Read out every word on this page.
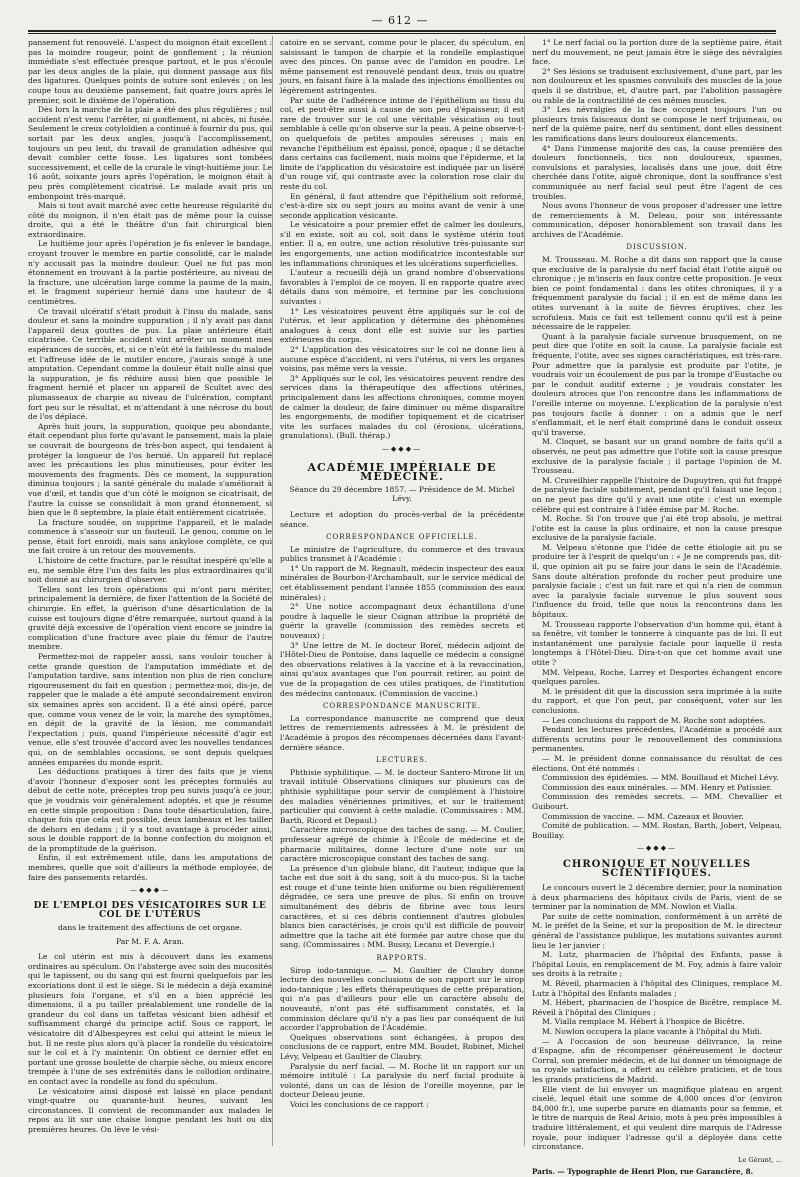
— 612 —

pansement fut renouvelé. L'aspect du moignon était excellent : pas la moindre rougeur, point de gonflement ; la réunion immédiate s'est effectuée presque partout, et le pus s'écoule par les deux angles de la plaie, qui donnent passage aux fils des ligatures. Quelques points de suture sont enlevés ; on les coupe tous au deuxième pansement, fait quatre jours après le premier, soit le dixième de l'opération.

Dès lors la marche de la plaie a été des plus régulières ; nul accident n'est venu l'arrêter, ni gonflement, ni abcès, ni fusée. Seulement le creux cotyloïdien a continué à fournir du pus, qui sortait par les deux angles, jusqu'à l'accomplissement, toujours un peu lent, du travail de granulation adhésive qui devait combler cette fosse. Les ligatures sont tombées successivement, et celle de la crurale le vingt-huitième jour. Le 16 août, soixante jours après l'opération, le moignon était à peu près complètement cicatrisé. Le malade avait pris un embonpoint très-marqué.

Mais si tout avait marché avec cette heureuse régularité du côté du moignon, il n'en était pas de même pour la cuisse droite, qui a été le théâtre d'un fait chirurgical bien extraordinaire.

Le huitième jour après l'opération je fis enlever le bandage, croyant trouver le membre en partie consolidé, car le malade n'y accusait pas la moindre douleur. Quel ne fut pas mon étonnement en trouvant à la partie postérieure, au niveau de la fracture, une ulcération large comme la paume de la main, et le fragment supérieur hernié dans une hauteur de 4 centimètres.

Ce travail ulcératif s'était produit à l'insu du malade, sans douleur et sans la moindre suppuration ; il n'y avait pas dans l'appareil deux gouttes de pus. La plaie antérieure était cicatrisée. Ce terrible accident vint arrêter un moment mes espérances de succès, et, si ce n'eût été la faiblesse du malade et l'affreuse idée de le mutiler encore, j'aurais songé à une amputation. Cependant comme la douleur était nulle ainsi que la suppuration, je fis réduire aussi bien que possible le fragment hernié et placer un appareil de Scultet avec des plumasseaux de charpie au niveau de l'ulcération, comptant fort peu sur le résultat, et m'attendant à une nécrose du bout de l'os déplacé.

Après huit jours, la suppuration, quoique peu abondante, était cependant plus forte qu'avant le pansement, mais la plaie se couvrait de bourgeons de très-bon aspect, qui tendaient à protéger la longueur de l'os hernié. Un appareil fut replacé avec les précautions les plus minutieuses, pour éviter les mouvements des fragments. Dès ce moment, la suppuration diminua toujours ; la santé générale du malade s'améliorait à vue d'œil, et tandis que d'un côté le moignon se cicatrisait, de l'autre la cuisse se consolidait à mon grand étonnement, si bien que le 8 septembre, la plaie était entièrement cicatrisée.

La fracture soudée, on supprime l'appareil, et le malade commence à s'asseoir sur un fauteuil. Le genou, comme on le pense, était fort enroidi, mais sans ankylose complète, ce qui me fait croire à un retour des mouvements.

L'histoire de cette fracture, par le résultat inespéré qu'elle a eu, me semble être l'un des faits les plus extraordinaires qu'il soit donné au chirurgien d'observer.

Telles sont les trois opérations qui m'ont paru mériter, principalement la dernière, de fixer l'attention de la Société de chirurgie. En effet, la guérison d'une désarticulation de la cuisse est toujours digne d'être remarquée, surtout quand à la gravité déjà excessive de l'opération vient encore se joindre la complication d'une fracture avec plaie du fémur de l'autre membre.

Permettez-moi de rappeler aussi, sans vouloir toucher à cette grande question de l'amputation immédiate et de l'amputation tardive, sans intention non plus de rien conclure rigoureusement du fait en question ; permettez-moi, dis-je, de rappeler que le malade a été amputé secondairement environ six semaines après son accident. Il a été ainsi opéré, parce que, comme vous venez de le voir, la marche des symptômes, en dépit de la gravité de la lésion, me commandait l'expectation ; puis, quand l'impérieuse nécessité d'agir est venue, elle s'est trouvée d'accord avec les nouvelles tendances qui, on de semblables occasions, se sont depuis quelques années emparées du monde esprit.

Les déductions pratiques à tirer des faits que je viens d'avoir l'honneur d'exposer sont les préceptes formulés au début de cette note, préceptes trop peu suivis jusqu'à ce jour, que je voudrais voir généralement adoptés, et que je résume en cette simple proposition : Dans toute désarticulation, faire, chaque fois que cela est possible, deux lambeaux et les tailler de dehors en dedans ; il y a tout avantage à procéder ainsi, sous le double rapport de la bonne confection du moignon et de la promptitude de la guérison.

Enfin, il est extrêmement utile, dans les amputations de membres, quelle que soit d'ailleurs la méthode employée, de faire des pansements retardés.

—◆◆◆—
DE L'EMPLOI DES VÉSICATOIRES SUR LE COL DE L'UTÉRUS
dans le traitement des affections de cet organe.
Par M. F. A. Aran.

Le col utérin est mis à découvert dans les examens ordinaires au spéculum. On l'absterge avec soin des mucosités qui le tapissent, ou du sang qui est fourni quelquefois par les excoriations dont il est le siège. Si le médecin a déjà examiné plusieurs fois l'organe, et s'il en a bien apprécié les dimensions, il a pu tailler préalablement une rondelle de la grandeur du col dans un taffetas vésicant bien adhésif et suffisamment chargé du principe actif. Sous ce rapport, le vésicatoire dit d'Albespeyres est celui qui atteint le mieux le but. Il ne reste plus alors qu'à placer la rondelle du vésicatoire sur le col et à l'y maintenir. On obtient ce dernier effet en portant une grosse boulette de charpie sèche, ou mieux encore trempée à l'une de ses extrémités dans le collodion ordinaire, en contact avec la rondelle au fond du spéculum.

Le vésicatoire ainsi disposé est laissé en place pendant vingt-quatre ou quarante-huit heures, suivant les circonstances. Il convient de recommander aux malades le repos au lit sur une chaise longue pendant les huit ou dix premières heures. On lève le vési-

catoire en se servant, comme pour le placer, du spéculum, en saisissant le tampon de charpie et la rondelle emplastique avec des pinces. On panse avec de l'amidon en poudre. Le même pansement est renouvelé pendant deux, trois ou quatre jours, en faisant faire à la malade des injections émollientes ou légèrement astringentes.

Par suite de l'adhérence intime de l'épithélium au tissu du col, et peut-être aussi à cause de son peu d'épaisseur, il est rare de trouver sur le col une véritable vésication ou tout semblable à celle qu'on observe sur la peau. A peine observe-t-on quelquefois de petites ampoules séreuses ; mais en revanche l'épithélium est épaissi, poncé, opaque ; il se détache dans certains cas facilement, mais moins que l'épiderme, et la limite de l'application du vésicatoire est indiquée par un liséré d'un rouge vif, qui contraste avec la coloration rose clair du reste du col.

En général, il faut attendre que l'épithélium soit reformé, c'est-à-dire six ou sept jours au moins avant de venir à une seconde application vésicante.

Le vésicatoire a pour premier effet de calmer les douleurs, s'il en existe, soit au col, soit dans le système utérin tout entier. Il a, en outre, une action résolutive très-puissante sur les engorgements, une action modificatrice incontestable sur les inflammations chroniques et les ulcérations superficielles.

L'auteur a recueilli déjà un grand nombre d'observations favorables à l'emploi de ce moyen. Il en rapporte quatre avec détails dans son mémoire, et termine par les conclusions suivantes :

1° Les vésicatoires peuvent être appliqués sur le col de l'utérus, et leur application y détermine des phénomènes analogues à ceux dont elle est suivie sur les parties extérieures du corps.

2° L'application des vésicatoires sur le col ne donne lieu à aucune espèce d'accident, ni vers l'utérus, ni vers les organes voisins, pas même vers la vessie.

3° Appliqués sur le col, les vésicatoires peuvent rendre des services dans la thérapeutique des affections utérines, principalement dans les affections chroniques, comme moyen de calmer la douleur, de faire diminuer ou même disparaître les engorgements, de modifier topiquement et de cicatriser vite les surfaces malades du col (érosions, ulcérations, granulations). (Bull. thérap.)

—◆◆◆—
ACADÉMIE IMPÉRIALE DE MÉDECINE.
Séance du 29 décembre 1857. — Présidence de M. Michel Lévy.

Lecture et adoption du procès-verbal de la précédente séance.

CORRESPONDANCE OFFICIELLE.

Le ministre de l'agriculture, du commerce et des travaux publics transmet à l'Académie :

1° Un rapport de M. Regnault, médecin inspecteur des eaux minérales de Bourbon-l'Archambault, sur le service médical de cet établissement pendant l'année 1855 (commission des eaux minérales) ;

2° Une notice accompagnant deux échantillons d'une poudre à laquelle le sieur Csignan attribue la propriété de guérir la gravelle (commission des remèdes secrets et nouveaux) ;

3° Une lettre de M. le docteur Boreï, médecin adjoint de l'Hôtel-Dieu de Pontoise, dans laquelle ce médecin a consigné des observations relatives à la vaccine et à la revaccination, ainsi qu'aux avantages que l'on pourrait retirer, au point de vue de la propagation de ces utiles pratiques, de l'institution des médecins cantonaux. (Commission de vaccine.)

CORRESPONDANCE MANUSCRITE.

La correspondance manuscrite ne comprend que deux lettres de remerciements adressées à M. le président de l'Académie à propos des récompenses décernées dans l'avant-dernière séance.

LECTURES.

Phthisie syphilitique. — M. le docteur Santero-Mirone lit un travail intitulé Observations cliniques sur plusieurs cas de phthisie syphilitique pour servir de complément à l'histoire des maladies vénériennes primitives, et sur le traitement particulier qui convient à cette maladie. (Commissaires : MM. Barth, Ricord et Depaul.)

Caractère microscopique des taches de sang. — M. Coulier, professeur agrégé de chimie à l'École de médecine et de pharmacie militaires, donne lecture d'une note sur un caractère microscopique constant des taches de sang.

La présence d'un globule blanc, dit l'auteur, indique que la tache est due soit à du sang, soit à du muco-pus. Si la tache est rouge et d'une teinte bien uniforme ou bien régulièrement dégradée, ce sera une preuve de plus. Si enfin on trouve simultanément des débris de fibrine avec tous leurs caractères, et si ces débris contiennent d'autres globules blancs bien caractérisés, je crois qu'il est difficile de pouvoir admettre que la tache ait été formée par autre chose que du sang. (Commissaires : MM. Bussy, Lecanu et Devergie.)

RAPPORTS.

Sirop iodo-tannique. — M. Gaultier de Claubry donne lecture des nouvelles conclusions de son rapport sur le sirop iodo-tannique ; les effets thérapeutiques de cette préparation, qui n'a pas d'ailleurs pour elle un caractère absolu de nouveauté, n'ont pas été suffisamment constatés, et la commission déclare qu'il n'y a pas lieu par conséquent de lui accorder l'approbation de l'Académie.

Quelques observations sont échangées, à propos des conclusions de ce rapport, entre MM. Boudet, Robinet, Michel Lévy, Velpeau et Gaultier de Claubry.

Paralysie du nerf facial. — M. Roche lit un rapport sur un mémoire intitulé : La paralysie du nerf facial produite à volonté, dans un cas de lésion de l'oreille moyenne, par le docteur Deleau jeune.

Voici les conclusions de ce rapport :

1° Le nerf facial ou la portion dure de la septième paire, était nerf du mouvement, ne peut jamais être le siège des névralgies face.

2° Ses lésions se traduisent exclusivement, d'une part, par les non douloureux et les spasmes convulsifs des muscles de la joue quels il se distribue, et, d'autre part, par l'abolition passagère ou rable de la contractilité de ces mêmes muscles.

3° Les névralgies de la face occupent toujours l'un ou plusieurs trois faisceaux dont se compose le nerf trijumeau, ou nerf de la quième paire, nerf du sentiment, dont elles dessinent les ramifications dans leurs douloureux élancements.

4° Dans l'immense majorité des cas, la cause première des douleurs fonctionnels, tics non douloureux, spasmes, convulsions et paralysies, localisés dans une joue, doit être cherchée dans l'otite, aiguë chronique, dont la souffrance s'est communiquée au nerf facial seul peut être l'agent de ces troubles.

Nous avons l'honneur de vous proposer d'adresser une lettre de remerciements à M. Deleau, pour son intéressante communication, déposer honorablement son travail dans les archives de l'Académie.

DISCUSSION.

M. Trousseau. M. Roche a dit dans son rapport que la cause que exclusive de la paralysie du nerf facial était l'otite aiguë ou chronique ; je m'inscris en faux contre cette proposition. Je veux bien ce point fondamental : dans les otites chroniques, il y a fréquemment paralysie du facial ; il en est de même dans les otites survenant à la suite de fièvres éruptives, chez les scrofuleux. Mais ce fait est tellement connu qu'il est à peine nécessaire de le rappeler.

Quant à la paralysie faciale survenue brusquement, on ne peut dire que l'otite en soit la cause. La paralysie faciale est fréquente, l'otite, avec ses signes caractéristiques, est très-rare. Pour admettre que la paralysie est produite par l'otite, je voudrais voir un écoulement de pus par la trompe d'Eustache ou par le conduit auditif externe ; je voudrais constater les douleurs atroces que l'on rencontre dans les inflammations de l'oreille interne ou moyenne. L'explication de la paralysie n'est pas toujours facile à donner : on a admis que le nerf s'enflammait, et le nerf était comprimé dans le conduit osseux qu'il traverse.

M. Cloquet, se basant sur un grand nombre de faits qu'il a observés, ne peut pas admettre que l'otite soit la cause presque exclusive de la paralysie faciale ; il partage l'opinion de M. Trousseau.

M. Cruveilhier rappelle l'histoire de Dupuytren, qui fut frappé de paralysie faciale subitement, pendant qu'il faisait une leçon ; on ne peut pas dire qu'il y avait une otite : c'est un exemple célèbre qui est contraire à l'idée émise par M. Roche.

M. Roche. Si l'on trouve que j'ai été trop absolu, je mettrai l'otite est la cause la plus ordinaire, et non la cause presque exclusive de la paralysie faciale.

M. Velpeau s'étonne que l'idée de cette étiologie ait pu se produire ter à l'esprit de quelqu'un : « Je ne comprends pas, dit-il, que opinion ait pu se faire jour dans le sein de l'Académie. Sans doute altération profonde du rocher peut produire une paralysie faciale ; c'est un fait rare et qui n'a rien de commun avec la paralysie faciale survenue le plus souvent sous l'influence du froid, telle que nous la rencontrons dans les hôpitaux.

M. Trousseau rapporte l'observation d'un homme qui, étant à sa fenêtre, vit tomber le tonnerre à cinquante pas de lui. Il eut instantanément une paralysie faciale pour laquelle il resta longtemps à l'Hôtel-Dieu. Dira-t-on que cet homme avait une otite ?

MM. Velpeau, Roche, Larrey et Desportes échangent encore quelques paroles.

M. le président dit que la discussion sera imprimée à la suite du rapport, et que l'on peut, par conséquent, voter sur les conclusions.

— Les conclusions du rapport de M. Roche sont adoptées.

Pendant les lectures précédentes, l'Académie a procédé aux différents scrutins pour le renouvellement des commissions permanentes.

— M. le président donne connaissance du résultat de ces élections. Ont été nommés :

Commission des épidémies. — MM. Bouillaud et Michel Lévy.

Commission des eaux minérales. — MM. Henry et Patissier.

Commission des remèdes secrets. — MM. Chevallier et Guibourt.

Commission de vaccine. — MM. Cazeaux et Bouvier.

Comité de publication. — MM. Rostan, Barth, Jobert, Velpeau, Bouillay.

—◆◆◆—
CHRONIQUE ET NOUVELLES SCIENTIFIQUES.

Le concours ouvert le 2 décembre dernier, pour la nomination à deux pharmaciens des hôpitaux civils de Paris, vient de se terminer par la nomination de MM. Nowlon et Vialla.

Par suite de cette nomination, conformément à un arrêté de M. le préfet de la Seine, et sur la proposition de M. le directeur général de l'assistance publique, les mutations suivantes auront lieu le 1er janvier :

M. Lutz, pharmacien de l'hôpital des Enfants, passe à l'hôpital Louis, en remplacement de M. Foy, admis à faire valoir ses droits à la retraite ;

M. Réveil, pharmacien à l'hôpital des Cliniques, remplace M. Lutz à l'hôpital des Enfants malades ;

M. Hébert, pharmacien de l'hospice de Bicêtre, remplace M. Réveil à l'hôpital des Cliniques ;

M. Vialla remplace M. Hébert à l'hospice de Bicêtre.

M. Nowlon occupera la place vacante à l'hôpital du Midi.

— A l'occasion de son heureuse délivrance, la reine d'Espagne, afin de récompenser généreusement le docteur Corral, son premier médecin, et de lui donner un témoignage de sa royale satisfaction, a offert au célèbre praticien, et de tous les grands praticiens de Madrid.

Elle vient de lui envoyer un magnifique plateau en argent ciselé, lequel était une somme de 4,000 onces d'or (environ 84,000 fr.), une superbe parure en diamants pour sa femme, et le titre de marquis de Real Arisio, mots à peu près impossibles à traduire littéralement, et qui veulent dire marquis de l'Adresse royale, pour indiquer l'adresse qu'il a déployée dans cette circonstance.

Le Gérant, ...
Paris. — Typographie de Henri Plon, rue Garancière, 8.
